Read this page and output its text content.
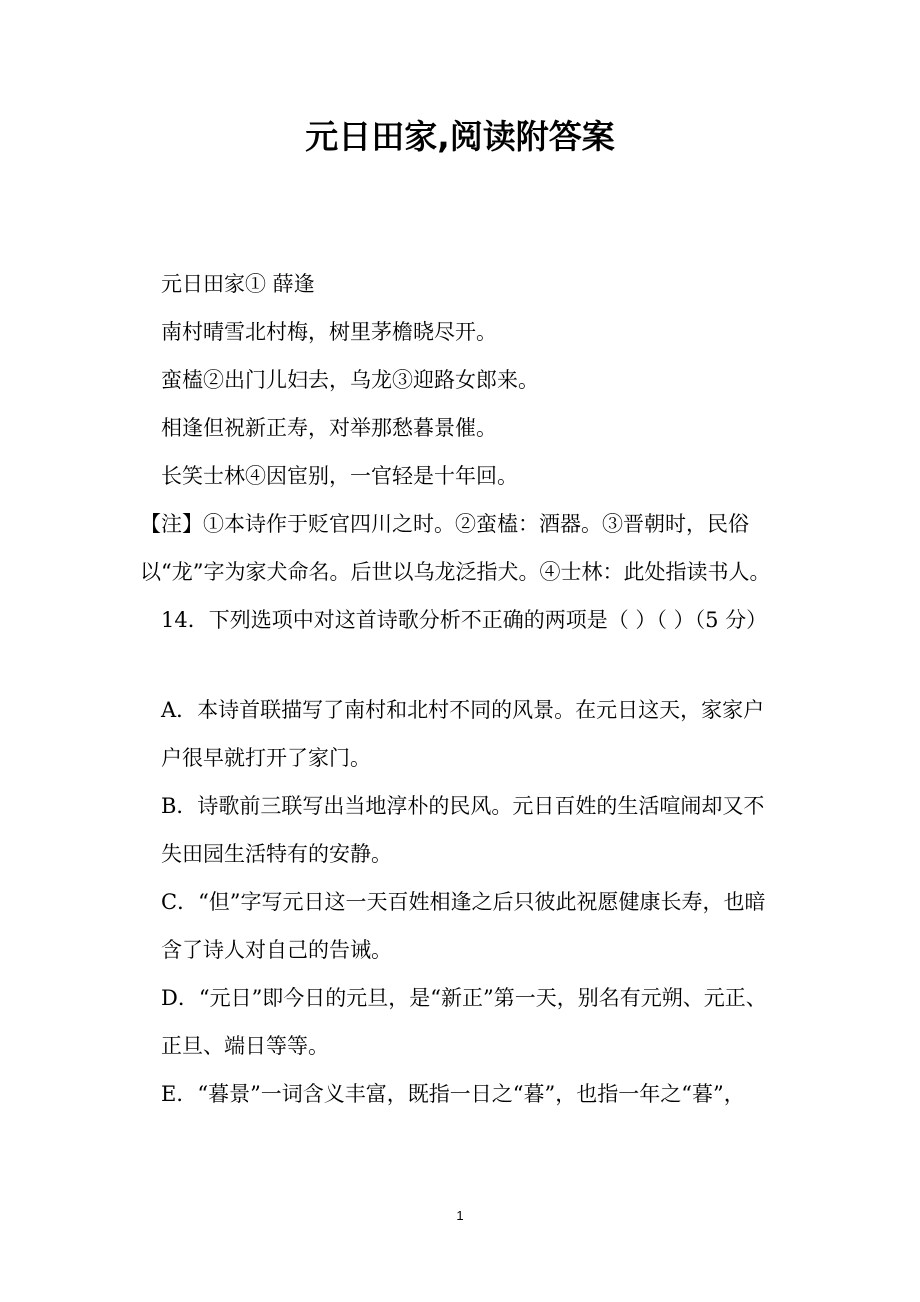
元日田家,阅读附答案

元日田家① 薛逢

南村晴雪北村梅，树里茅檐晓尽开。

蛮榼②出门儿妇去，乌龙③迎路女郎来。

相逢但祝新正寿，对举那愁暮景催。

长笑士林④因宦别，一官轻是十年回。

【注】①本诗作于贬官四川之时。②蛮榼：酒器。③晋朝时，民俗以“龙”字为家犬命名。后世以乌龙泛指犬。④士林：此处指读书人。

14．下列选项中对这首诗歌分析不正确的两项是（ ）（ ）（5 分）

A．本诗首联描写了南村和北村不同的风景。在元日这天，家家户户很早就打开了家门。

B．诗歌前三联写出当地淳朴的民风。元日百姓的生活喧闹却又不失田园生活特有的安静。

C．“但”字写元日这一天百姓相逢之后只彼此祝愿健康长寿，也暗含了诗人对自己的告诫。

D．“元日”即今日的元旦，是“新正”第一天，别名有元朔、元正、正旦、端日等等。

E．“暮景”一词含义丰富，既指一日之“暮”，也指一年之“暮”，

1
